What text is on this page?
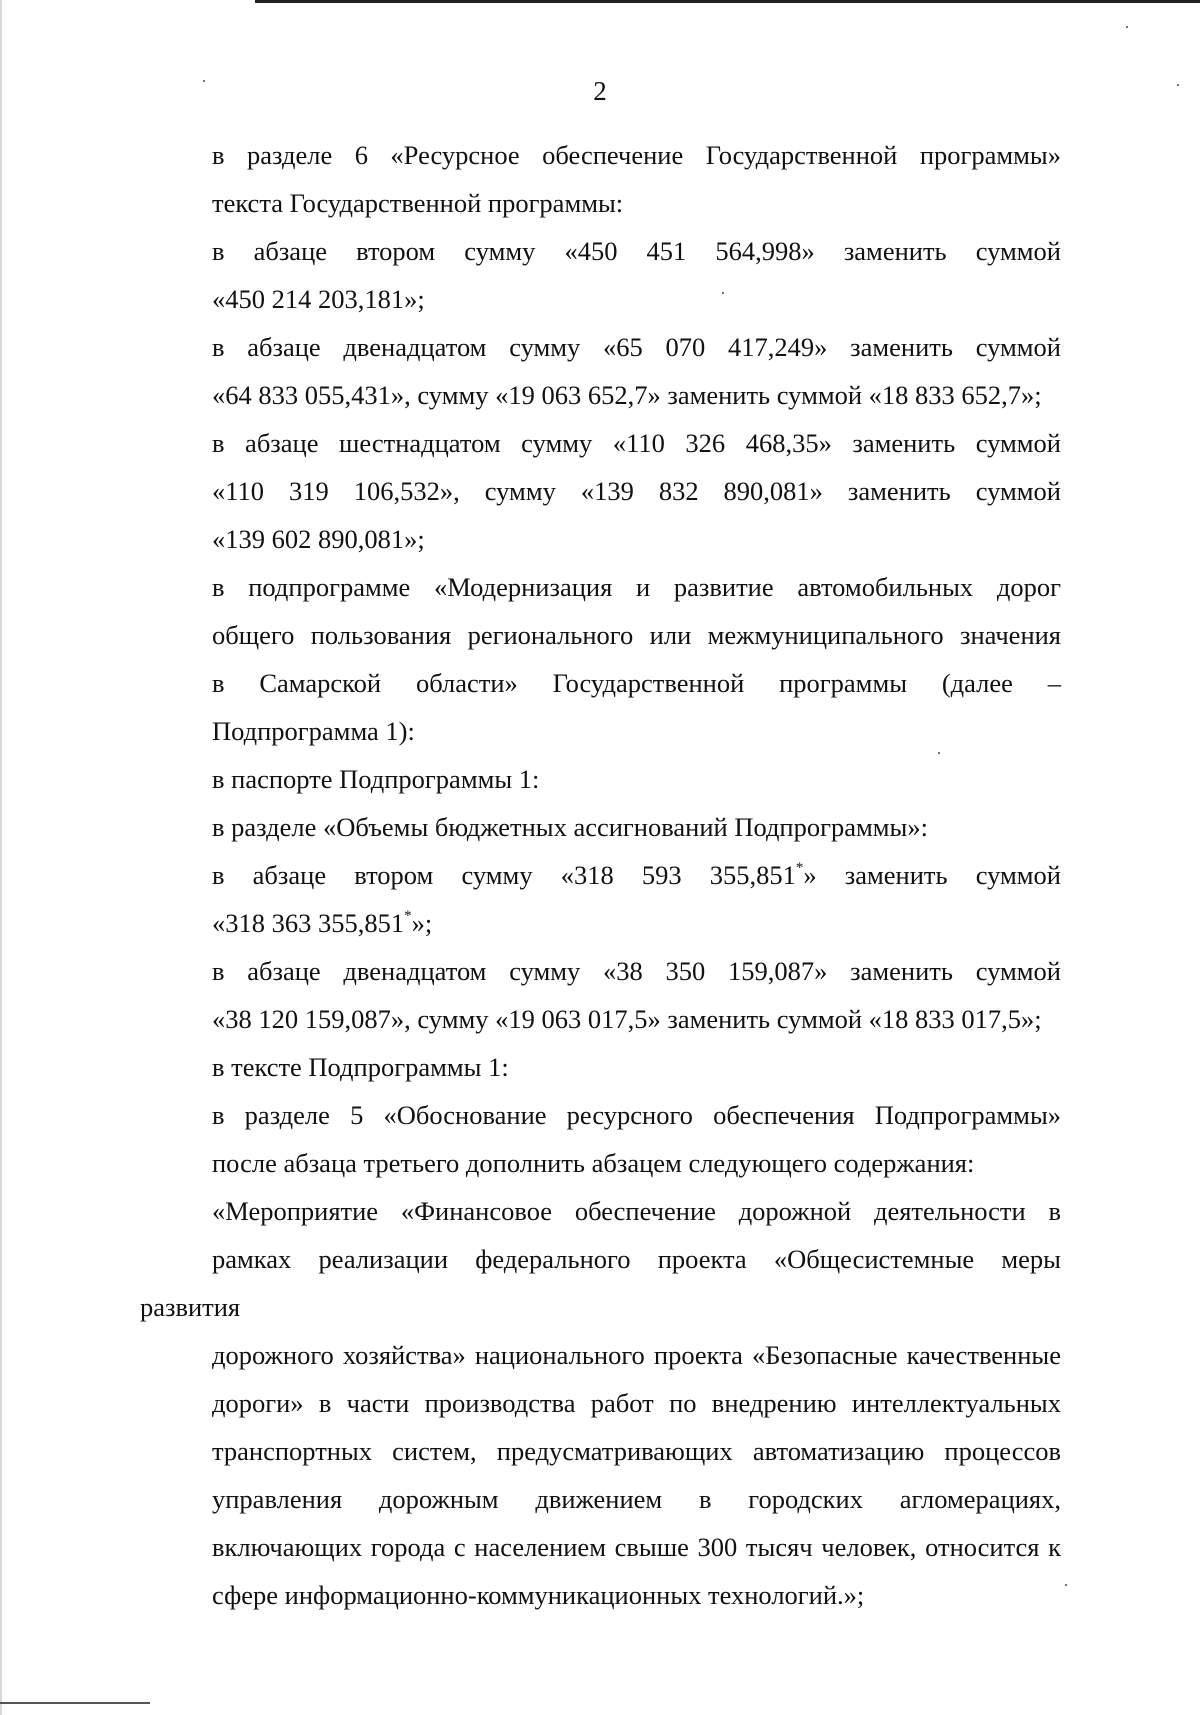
2

в разделе 6 «Ресурсное обеспечение Государственной программы»
текста Государственной программы:

в абзаце втором сумму «450 451 564,998» заменить суммой
«450 214 203,181»;

в абзаце двенадцатом сумму «65 070 417,249» заменить суммой
«64 833 055,431», сумму «19 063 652,7» заменить суммой «18 833 652,7»;

в абзаце шестнадцатом сумму «110 326 468,35» заменить суммой
«110 319 106,532», сумму «139 832 890,081» заменить суммой
«139 602 890,081»;

в подпрограмме «Модернизация и развитие автомобильных дорог
общего пользования регионального или межмуниципального значения
в Самарской области» Государственной программы (далее –
Подпрограмма 1):

в паспорте Подпрограммы 1:

в разделе «Объемы бюджетных ассигнований Подпрограммы»:

в абзаце втором сумму «318 593 355,851*» заменить суммой
«318 363 355,851*»;

в абзаце двенадцатом сумму «38 350 159,087» заменить суммой
«38 120 159,087», сумму «19 063 017,5» заменить суммой «18 833 017,5»;

в тексте Подпрограммы 1:

в разделе 5 «Обоснование ресурсного обеспечения Подпрограммы»
после абзаца третьего дополнить абзацем следующего содержания:

«Мероприятие «Финансовое обеспечение дорожной деятельности в
рамках реализации федерального проекта «Общесистемные меры развития
дорожного хозяйства» национального проекта «Безопасные качественные
дороги» в части производства работ по внедрению интеллектуальных
транспортных систем, предусматривающих автоматизацию процессов
управления дорожным движением в городских агломерациях,
включающих города с населением свыше 300 тысяч человек, относится к
сфере информационно-коммуникационных технологий.»;
